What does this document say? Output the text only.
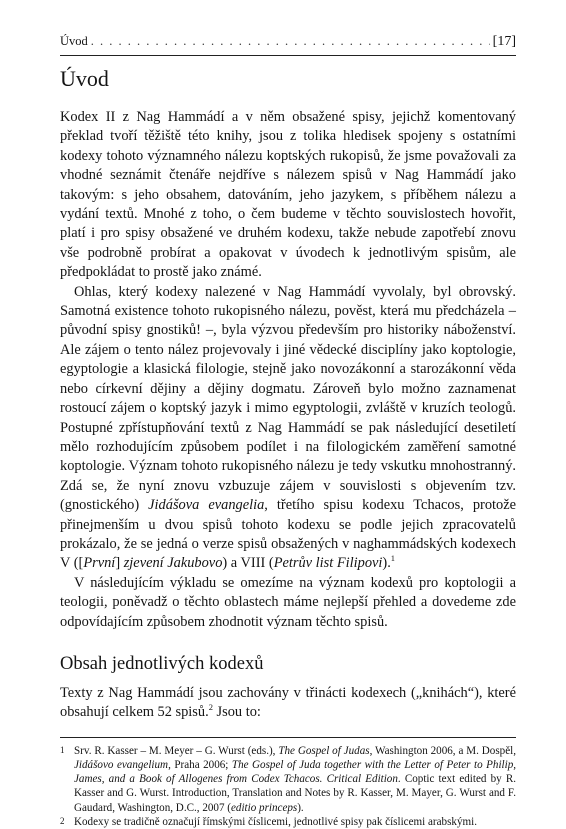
Úvod
. . .	[17]
Úvod

Kodex II z Nag Hammádí a v něm obsažené spisy, jejichž komentovaný překlad tvoří těžiště této knihy, jsou z tolika hledisek spojeny s ostatními kodexy tohoto významného nálezu koptských rukopisů, že jsme považovali za vhodné seznámit čtenáře nejdříve s nálezem spisů v Nag Hammádí jako takovým: s jeho obsahem, datováním, jeho jazykem, s příběhem nálezu a vydání textů. Mnohé z toho, o čem budeme v těchto souvislostech hovořit, platí i pro spisy obsažené ve druhém kodexu, takže nebude zapotřebí znovu vše podrobně probírat a opakovat v úvodech k jednotlivým spisům, ale předpokládat to prostě jako známé.

Ohlas, který kodexy nalezené v Nag Hammádí vyvolaly, byl obrovský. Samotná existence tohoto rukopisného nálezu, pověst, která mu předcházela – původní spisy gnostiků! –, byla výzvou především pro historiky náboženství. Ale zájem o tento nález projevovaly i jiné vědecké disciplíny jako koptologie, egyptologie a klasická filologie, stejně jako novozákonní a starozákonní věda nebo církevní dějiny a dějiny dogmatu. Zároveň bylo možno zaznamenat rostoucí zájem o koptský jazyk i mimo egyptologii, zvláště v kruzích teologů. Postupné zpřístupňování textů z Nag Hammádí se pak následující desetiletí mělo rozhodujícím způsobem podílet i na filologickém zaměření samotné koptologie. Význam tohoto rukopisného nálezu je tedy vskutku mnohostranný. Zdá se, že nyní znovu vzbuzuje zájem v souvislosti s objevením tzv. (gnostického) Jidášova evangelia, třetího spisu kodexu Tchacos, protože přinejmenším u dvou spisů tohoto kodexu se podle jejich zpracovatelů prokázalo, že se jedná o verze spisů obsažených v naghammádských kodexech V ([První] zjevení Jakubovo) a VIII (Petrův list Filipovi).$^1$

V následujícím výkladu se omezíme na význam kodexů pro koptologii a teologii, poněvadž o těchto oblastech máme nejlepší přehled a dovedeme zde odpovídajícím způsobem zhodnotit význam těchto spisů.

Obsah jednotlivých kodexů

Texty z Nag Hammádí jsou zachovány v třinácti kodexech („knihách“), které obsahují celkem 52 spisů.$^2$ Jsou to:

1 Srv. R. Kasser – M. Meyer – G. Wurst (eds.), The Gospel of Judas, Washington 2006, a M. Dospěl, Jidášovo evangelium, Praha 2006; The Gospel of Juda together with the Letter of Peter to Philip, James, and a Book of Allogenes from Codex Tchacos. Critical Edition. Coptic text edited by R. Kasser and G. Wurst. Introduction, Translation and Notes by R. Kasser, M. Mayer, G. Wurst and F. Gaudard, Washington, D.C., 2007 (editio princeps).
2 Kodexy se tradičně označují římskými číslicemi, jednotlivé spisy pak číslicemi arabskými.
